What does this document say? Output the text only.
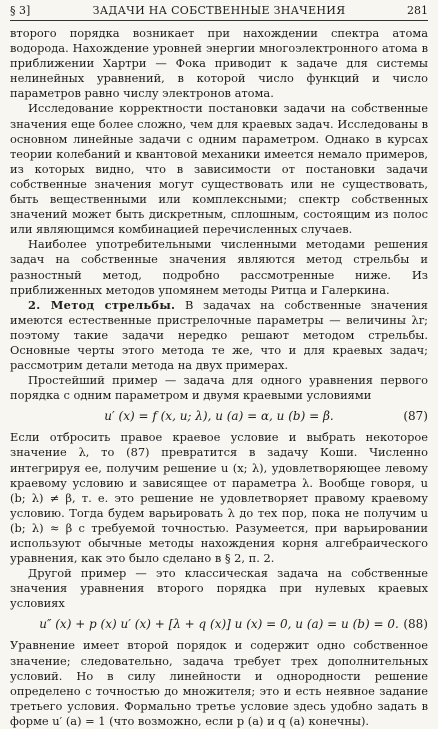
§ 3]	ЗАДАЧИ НА СОБСТВЕННЫЕ ЗНАЧЕНИЯ	281

второго порядка возникает при нахождении спектра атома водорода. Нахождение уровней энергии многоэлектронного атома в приближении Хартри — Фока приводит к задаче для системы нелинейных уравнений, в которой число функций и число параметров равно числу электронов атома.

Исследование корректности постановки задачи на собственные значения еще более сложно, чем для краевых задач. Исследованы в основном линейные задачи с одним параметром. Однако в курсах теории колебаний и квантовой механики имеется немало примеров, из которых видно, что в зависимости от постановки задачи собственные значения могут существовать или не существовать, быть вещественными или комплексными; спектр собственных значений может быть дискретным, сплошным, состоящим из полос или являющимся комбинацией перечисленных случаев.

Наиболее употребительными численными методами решения задач на собственные значения являются метод стрельбы и разностный метод, подробно рассмотренные ниже. Из приближенных методов упомянем методы Ритца и Галеркина.

2. Метод стрельбы. В задачах на собственные значения имеются естественные пристрелочные параметры — величины λr; поэтому такие задачи нередко решают методом стрельбы. Основные черты этого метода те же, что и для краевых задач; рассмотрим детали метода на двух примерах.

Простейший пример — задача для одного уравнения первого порядка с одним параметром и двумя краевыми условиями

u′ (x) = f (x, u; λ), u (a) = α, u (b) = β.	(87)

Если отбросить правое краевое условие и выбрать некоторое значение λ, то (87) превратится в задачу Коши. Численно интегрируя ее, получим решение u (x; λ), удовлетворяющее левому краевому условию и зависящее от параметра λ. Вообще говоря, u (b; λ) ≠ β, т. е. это решение не удовлетворяет правому краевому условию. Тогда будем варьировать λ до тех пор, пока не получим u (b; λ) ≈ β с требуемой точностью. Разумеется, при варьировании используют обычные методы нахождения корня алгебраического уравнения, как это было сделано в § 2, п. 2.

Другой пример — это классическая задача на собственные значения уравнения второго порядка при нулевых краевых условиях

u″ (x) + p (x) u′ (x) + [λ + q (x)] u (x) = 0, u (a) = u (b) = 0. (88)

Уравнение имеет второй порядок и содержит одно собственное значение; следовательно, задача требует трех дополнительных условий. Но в силу линейности и однородности решение определено с точностью до множителя; это и есть неявное задание третьего условия. Формально третье условие здесь удобно задать в форме u′ (a) = 1 (что возможно, если p (a) и q (a) конечны).
